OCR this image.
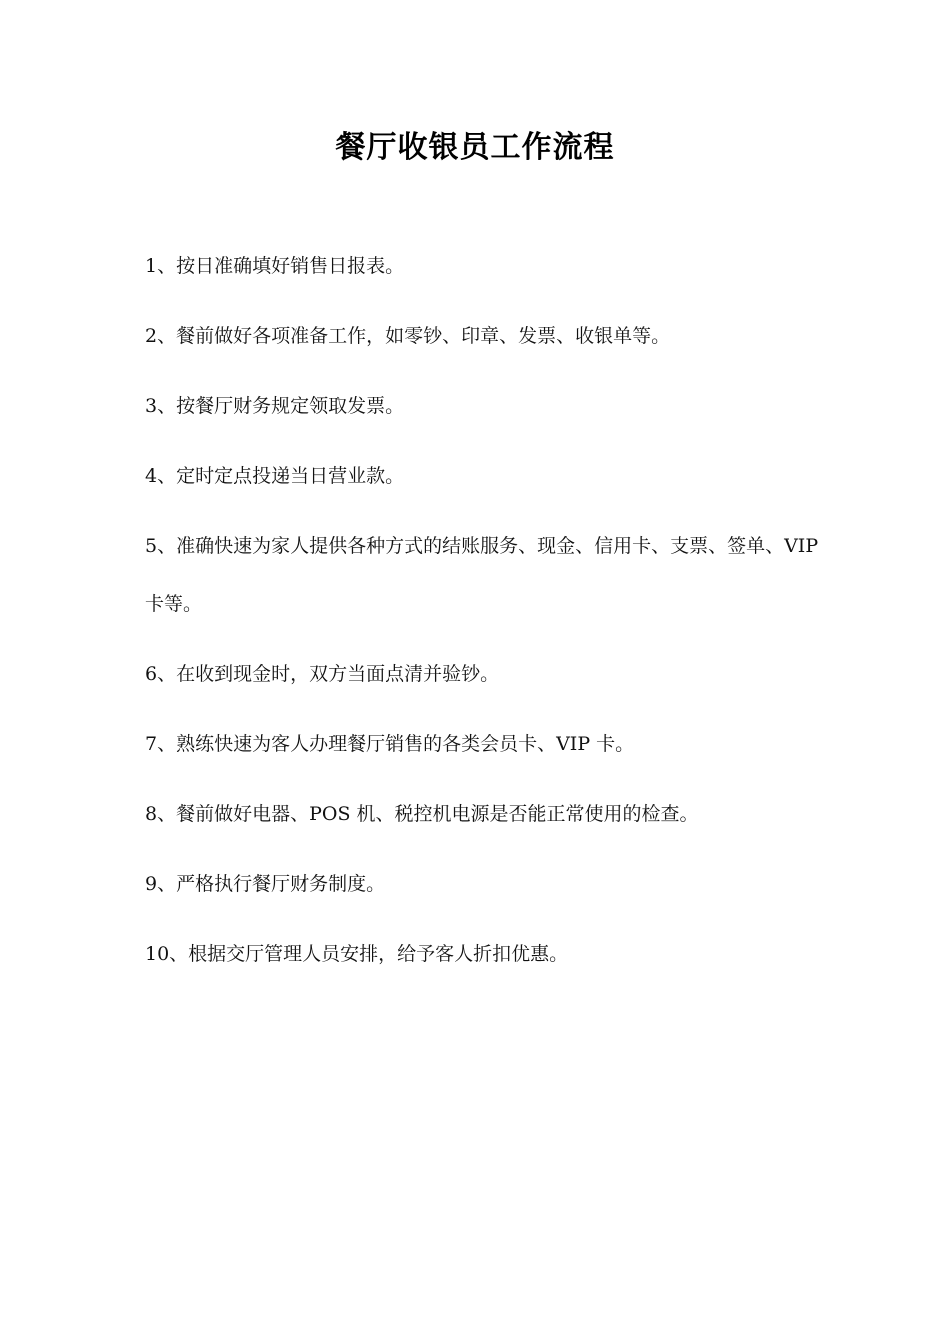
餐厅收银员工作流程
1、按日准确填好销售日报表。
2、餐前做好各项准备工作，如零钞、印章、发票、收银单等。
3、按餐厅财务规定领取发票。
4、定时定点投递当日营业款。
5、准确快速为家人提供各种方式的结账服务、现金、信用卡、支票、签单、VIP 卡等。
6、在收到现金时，双方当面点清并验钞。
7、熟练快速为客人办理餐厅销售的各类会员卡、VIP 卡。
8、餐前做好电器、POS 机、税控机电源是否能正常使用的检查。
9、严格执行餐厅财务制度。
10、根据交厅管理人员安排，给予客人折扣优惠。
